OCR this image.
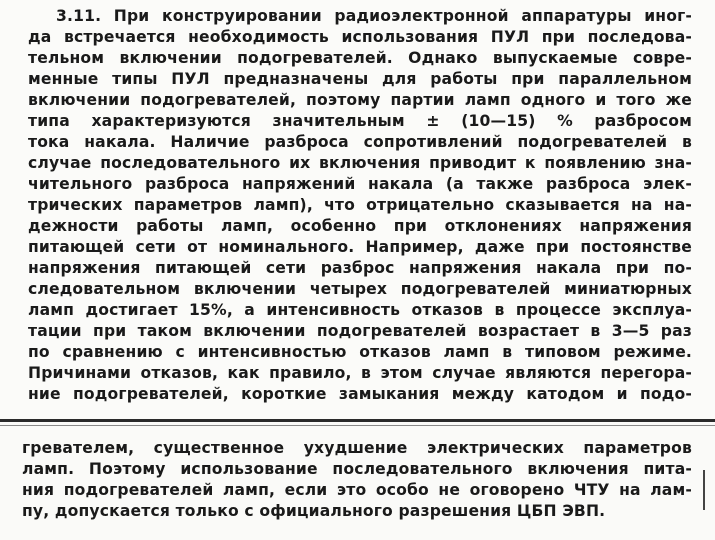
3.11. При конструировании радиоэлектронной аппаратуры иног-
да встречается необходимость использования ПУЛ при последова-
тельном включении подогревателей. Однако выпускаемые совре-
менные типы ПУЛ предназначены для работы при параллельном
включении подогревателей, поэтому партии ламп одного и того же
типа характеризуются значительным ± (10—15) % разбросом
тока накала. Наличие разброса сопротивлений подогревателей в
случае последовательного их включения приводит к появлению зна-
чительного разброса напряжений накала (а также разброса элек-
трических параметров ламп), что отрицательно сказывается на на-
дежности работы ламп, особенно при отклонениях напряжения
питающей сети от номинального. Например, даже при постоянстве
напряжения питающей сети разброс напряжения накала при по-
следовательном включении четырех подогревателей миниатюрных
ламп достигает 15%, а интенсивность отказов в процессе эксплуа-
тации при таком включении подогревателей возрастает в 3—5 раз
по сравнению с интенсивностью отказов ламп в типовом режиме.
Причинами отказов, как правило, в этом случае являются перегора-
ние подогревателей, короткие замыкания между катодом и подо-
гревателем, существенное ухудшение электрических параметров
ламп. Поэтому использование последовательного включения пита-
ния подогревателей ламп, если это особо не оговорено ЧТУ на лам-
пу, допускается только с официального разрешения ЦБП ЭВП.
